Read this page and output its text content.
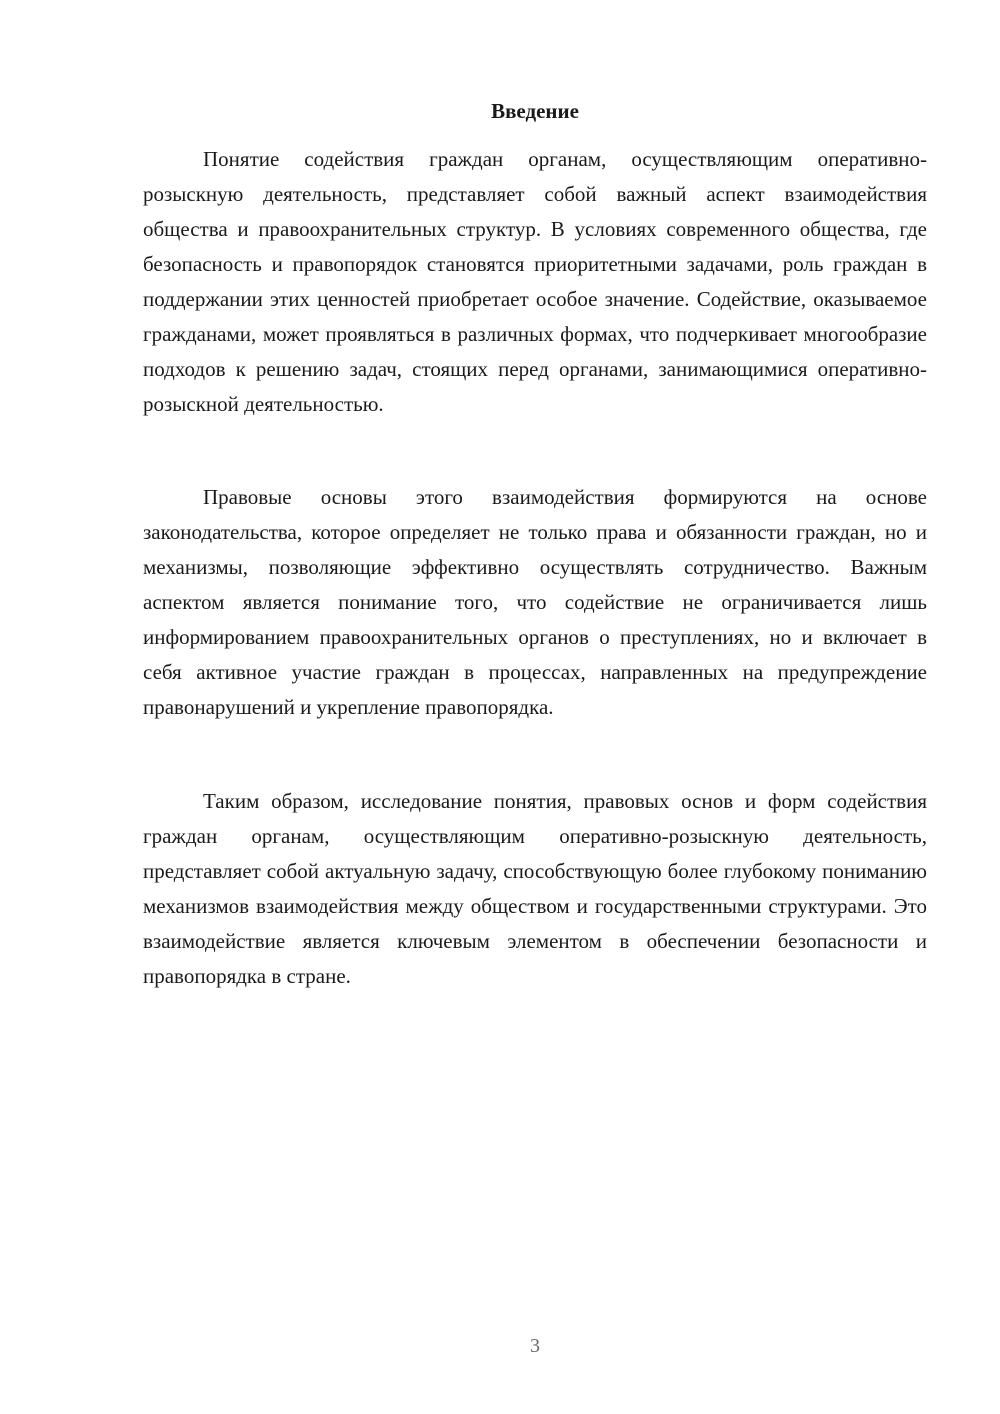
Введение

Понятие содействия граждан органам, осуществляющим оперативно-розыскную деятельность, представляет собой важный аспект взаимодействия общества и правоохранительных структур. В условиях современного общества, где безопасность и правопорядок становятся приоритетными задачами, роль граждан в поддержании этих ценностей приобретает особое значение. Содействие, оказываемое гражданами, может проявляться в различных формах, что подчеркивает многообразие подходов к решению задач, стоящих перед органами, занимающимися оперативно-розыскной деятельностью.

Правовые основы этого взаимодействия формируются на основе законодательства, которое определяет не только права и обязанности граждан, но и механизмы, позволяющие эффективно осуществлять сотрудничество. Важным аспектом является понимание того, что содействие не ограничивается лишь информированием правоохранительных органов о преступлениях, но и включает в себя активное участие граждан в процессах, направленных на предупреждение правонарушений и укрепление правопорядка.

Таким образом, исследование понятия, правовых основ и форм содействия граждан органам, осуществляющим оперативно-розыскную деятельность, представляет собой актуальную задачу, способствующую более глубокому пониманию механизмов взаимодействия между обществом и государственными структурами. Это взаимодействие является ключевым элементом в обеспечении безопасности и правопорядка в стране.

3
